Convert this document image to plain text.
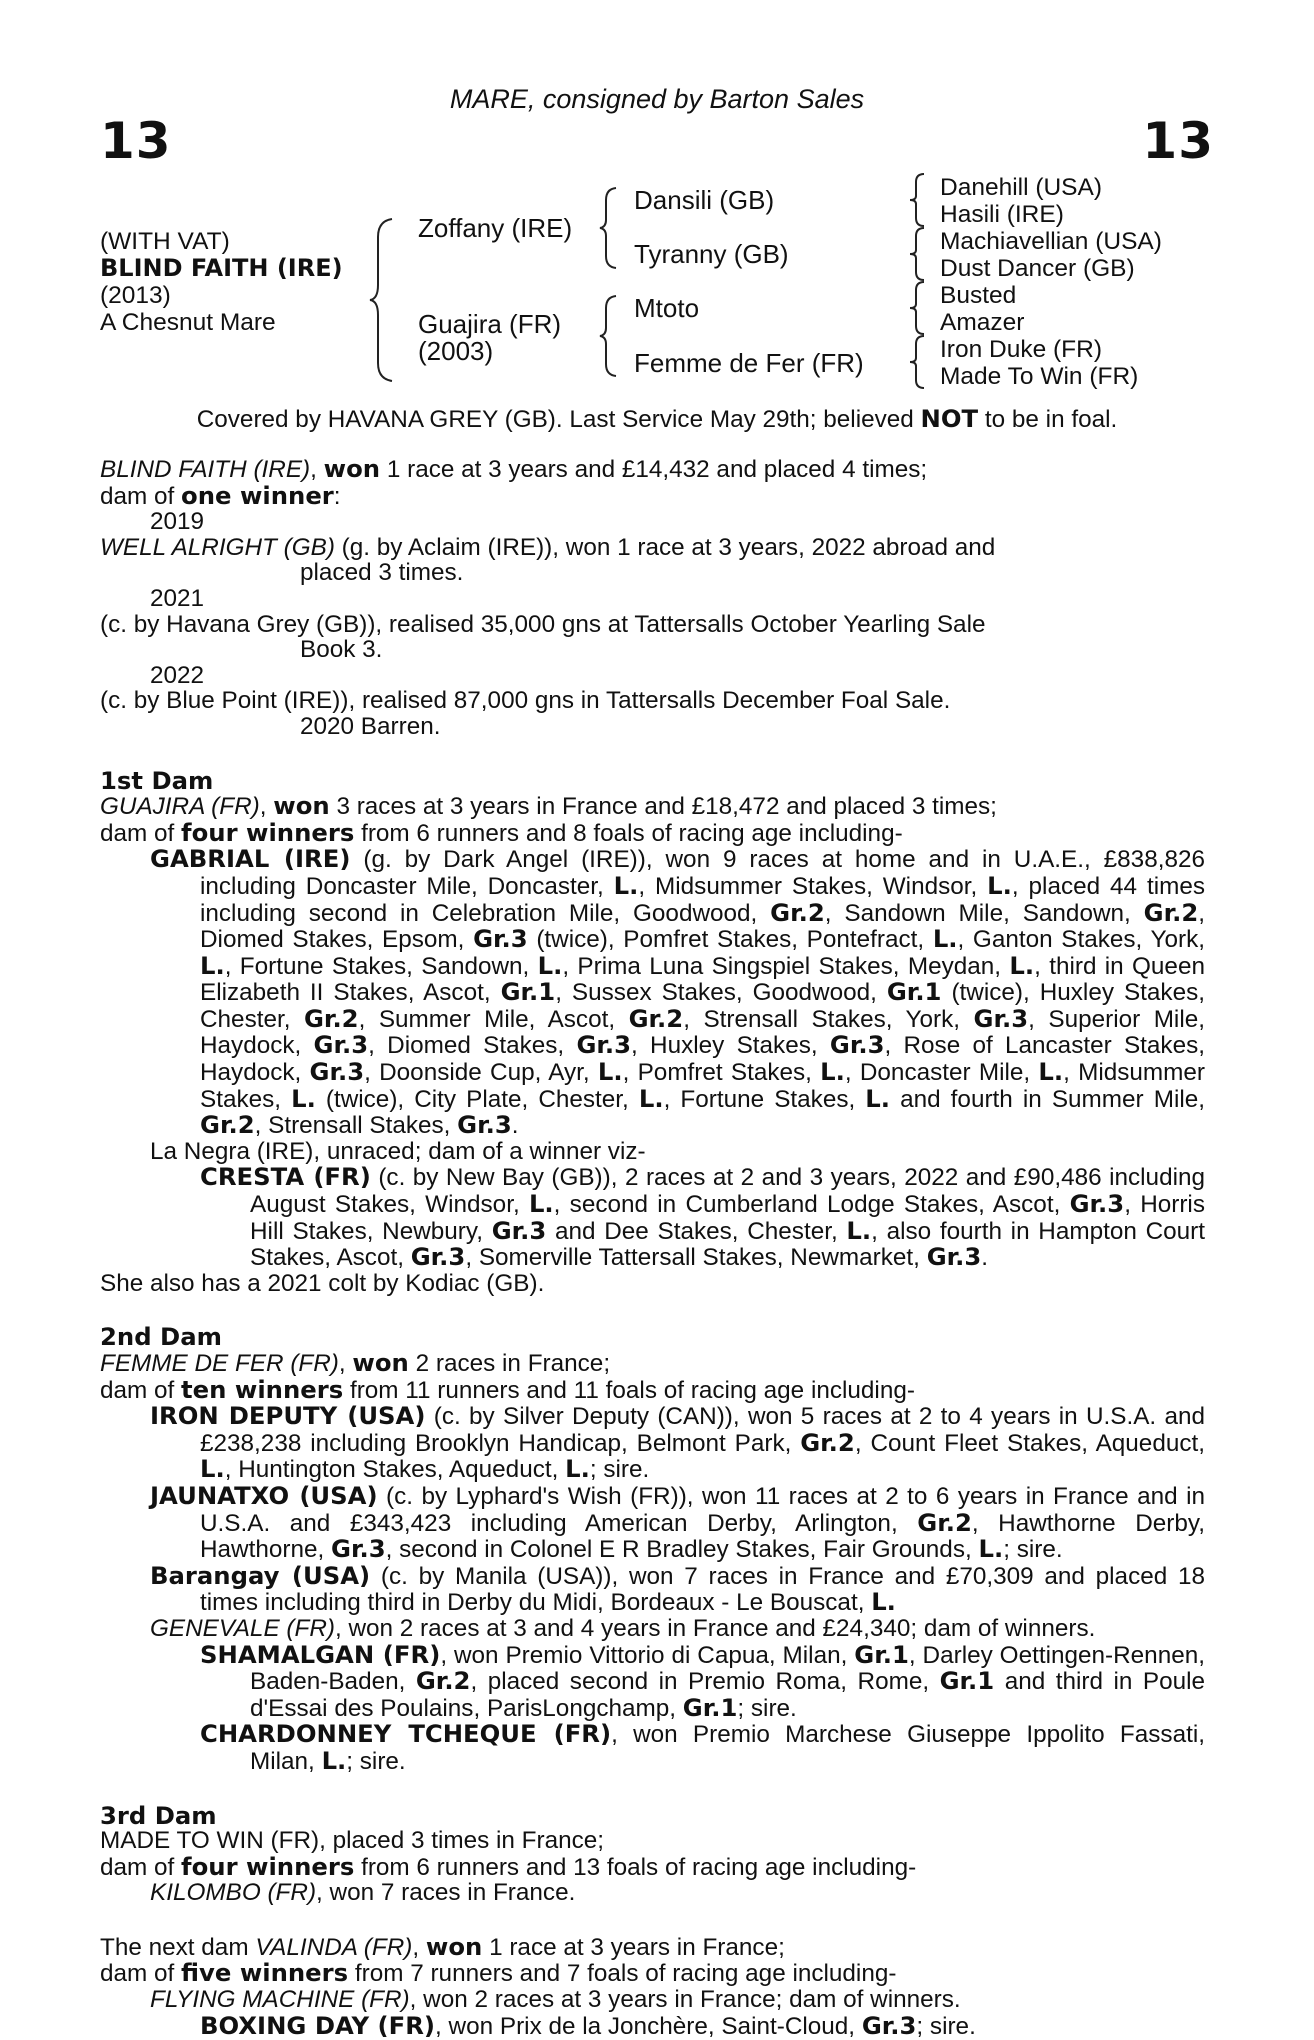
MARE, consigned by Barton Sales
13	13
(WITH VAT)
BLIND FAITH (IRE)
(2013)
A Chesnut Mare
Zoffany (IRE)
Guajira (FR)
(2003)
Dansili (GB)
Tyranny (GB)
Mtoto
Femme de Fer (FR)
Danehill (USA)
Hasili (IRE)
Machiavellian (USA)
Dust Dancer (GB)
Busted
Amazer
Iron Duke (FR)
Made To Win (FR)
Covered by HAVANA GREY (GB). Last Service May 29th; believed NOT to be in foal.

BLIND FAITH (IRE), won 1 race at 3 years and £14,432 and placed 4 times;

dam of one winner:

2019WELL ALRIGHT (GB) (g. by Aclaim (IRE)), won 1 race at 3 years, 2022 abroad and

placed 3 times.

2021(c. by Havana Grey (GB)), realised 35,000 gns at Tattersalls October Yearling Sale

Book 3.

2022(c. by Blue Point (IRE)), realised 87,000 gns in Tattersalls December Foal Sale.

2020 Barren.

1st Dam

GUAJIRA (FR), won 3 races at 3 years in France and £18,472 and placed 3 times;

dam of four winners from 6 runners and 8 foals of racing age including-

GABRIAL (IRE) (g. by Dark Angel (IRE)), won 9 races at home and in U.A.E., £838,826 including Doncaster Mile, Doncaster, L., Midsummer Stakes, Windsor, L., placed 44 times including second in Celebration Mile, Goodwood, Gr.2, Sandown Mile, Sandown, Gr.2, Diomed Stakes, Epsom, Gr.3 (twice), Pomfret Stakes, Pontefract, L., Ganton Stakes, York, L., Fortune Stakes, Sandown, L., Prima Luna Singspiel Stakes, Meydan, L., third in Queen Elizabeth II Stakes, Ascot, Gr.1, Sussex Stakes, Goodwood, Gr.1 (twice), Huxley Stakes, Chester, Gr.2, Summer Mile, Ascot, Gr.2, Strensall Stakes, York, Gr.3, Superior Mile, Haydock, Gr.3, Diomed Stakes, Gr.3, Huxley Stakes, Gr.3, Rose of Lancaster Stakes, Haydock, Gr.3, Doonside Cup, Ayr, L., Pomfret Stakes, L., Doncaster Mile, L., Midsummer Stakes, L. (twice), City Plate, Chester, L., Fortune Stakes, L. and fourth in Summer Mile, Gr.2, Strensall Stakes, Gr.3.

La Negra (IRE), unraced; dam of a winner viz-

CRESTA (FR) (c. by New Bay (GB)), 2 races at 2 and 3 years, 2022 and £90,486 including August Stakes, Windsor, L., second in Cumberland Lodge Stakes, Ascot, Gr.3, Horris Hill Stakes, Newbury, Gr.3 and Dee Stakes, Chester, L., also fourth in Hampton Court Stakes, Ascot, Gr.3, Somerville Tattersall Stakes, Newmarket, Gr.3.

She also has a 2021 colt by Kodiac (GB).

2nd Dam

FEMME DE FER (FR), won 2 races in France;

dam of ten winners from 11 runners and 11 foals of racing age including-

IRON DEPUTY (USA) (c. by Silver Deputy (CAN)), won 5 races at 2 to 4 years in U.S.A. and £238,238 including Brooklyn Handicap, Belmont Park, Gr.2, Count Fleet Stakes, Aqueduct, L., Huntington Stakes, Aqueduct, L.; sire.

JAUNATXO (USA) (c. by Lyphard's Wish (FR)), won 11 races at 2 to 6 years in France and in U.S.A. and £343,423 including American Derby, Arlington, Gr.2, Hawthorne Derby, Hawthorne, Gr.3, second in Colonel E R Bradley Stakes, Fair Grounds, L.; sire.

Barangay (USA) (c. by Manila (USA)), won 7 races in France and £70,309 and placed 18 times including third in Derby du Midi, Bordeaux - Le Bouscat, L.

GENEVALE (FR), won 2 races at 3 and 4 years in France and £24,340; dam of winners.

SHAMALGAN (FR), won Premio Vittorio di Capua, Milan, Gr.1, Darley Oettingen-Rennen, Baden-Baden, Gr.2, placed second in Premio Roma, Rome, Gr.1 and third in Poule d'Essai des Poulains, ParisLongchamp, Gr.1; sire.

CHARDONNEY TCHEQUE (FR), won Premio Marchese Giuseppe Ippolito Fassati, Milan, L.; sire.

3rd Dam

MADE TO WIN (FR), placed 3 times in France;

dam of four winners from 6 runners and 13 foals of racing age including-

KILOMBO (FR), won 7 races in France.

The next dam VALINDA (FR), won 1 race at 3 years in France;

dam of five winners from 7 runners and 7 foals of racing age including-

FLYING MACHINE (FR), won 2 races at 3 years in France; dam of winners.

BOXING DAY (FR), won Prix de la Jonchère, Saint-Cloud, Gr.3; sire.
